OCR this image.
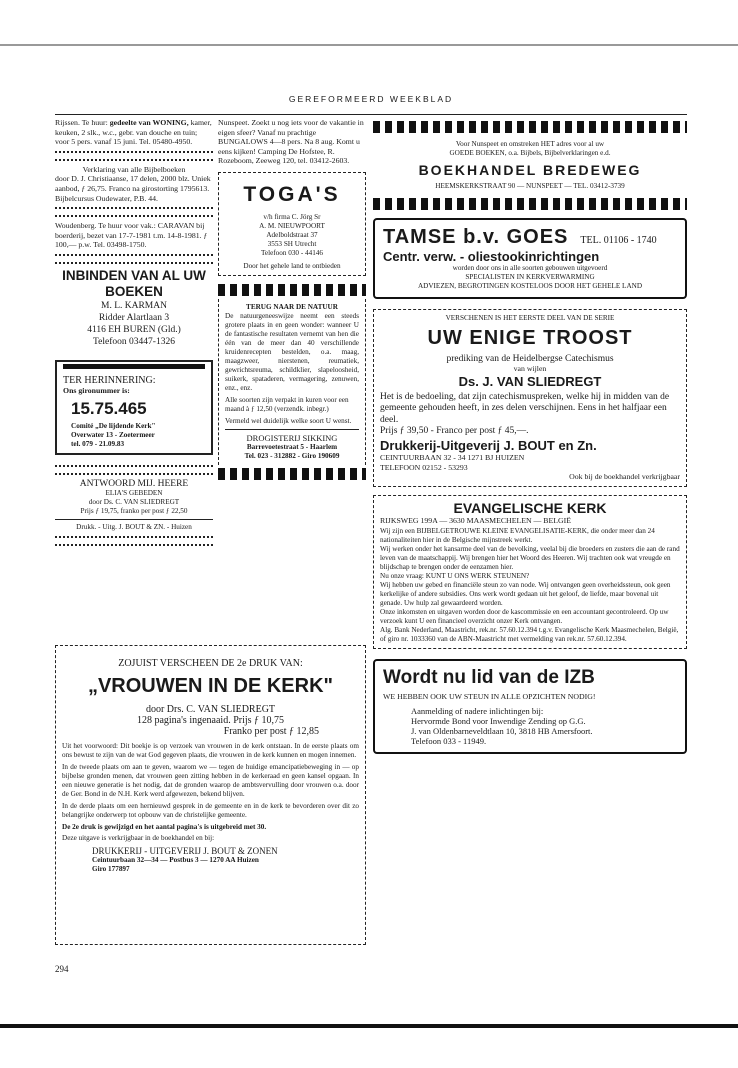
GEREFORMEERD WEEKBLAD

Rijssen. Te huur: gedeelte van WONING, kamer, keuken, 2 slk., w.c., gebr. van douche en tuin; voor 5 pers. vanaf 15 juni. Tel. 05480-4950.

Verklaring van alle Bijbelboeken

door D. J. Christiaanse, 17 delen, 2000 blz. Uniek aanbod, ƒ 26,75. Franco na girostorting 1795613. Bijbelcursus Oudewater, P.B. 44.

Woudenberg. Te huur voor vak.: CARAVAN bij boerderij, bezet van 17-7-1981 t.m. 14-8-1981. ƒ 100,— p.w. Tel. 03498-1750.

INBINDEN VAN AL UW BOEKEN
M. L. KARMAN
Ridder Alartlaan 3
4116 EH BUREN (Gld.)
Telefoon 03447-1326
TER HERINNERING:
Ons gironummer is:
15.75.465
Comité „De lijdende Kerk"
Overwater 13 - Zoetermeer
tel. 079 - 21.09.83
ANTWOORD MIJ. HEERE
ELIA'S GEBEDEN
door Ds. C. VAN SLIEDREGT
Prijs ƒ 19,75, franko per post ƒ 22,50
Drukk. - Uitg. J. BOUT & ZN. - Huizen

Nunspeet. Zoekt u nog iets voor de vakantie in eigen sfeer? Vanaf nu prachtige BUNGALOWS 4—8 pers. Na 8 aug. Komt u eens kijken! Camping De Hofstee, R. Rozeboom, Zeeweg 120, tel. 03412-2603.

TOGA'S
v/h firma C. Jörg Sr
A. M. NIEUWPOORT
Adelboldstraat 37
3553 SH Utrecht
Telefoon 030 - 44146
Door het gehele land te ontbieden
TERUG NAAR DE NATUUR

De natuurgeneeswijze neemt een steeds grotere plaats in en geen wonder: wanneer U de fantastische resultaten vernemt van hen die één van de meer dan 40 verschillende kruidenrecepten bestelden, o.a. maag, maagzweer, nierstenen, reumatiek, gewrichtsreuma, schildklier, slapeloosheid, suikerk, spataderen, vermagering, zenuwen, enz., enz.

Alle soorten zijn verpakt in kuren voor een maand à ƒ 12,50 (verzendk. inbegr.)

Vermeld wel duidelijk welke soort U wenst.

DROGISTERIJ SIKKING
Barrevoetestraat 5 - Haarlem
Tel. 023 - 312882 - Giro 190609
ZOJUIST VERSCHEEN DE 2e DRUK VAN:
„VROUWEN IN DE KERK"
door Drs. C. VAN SLIEDREGT
128 pagina's ingenaaid. Prijs ƒ 10,75
Franko per post ƒ 12,85

Uit het voorwoord: Dit boekje is op verzoek van vrouwen in de kerk ontstaan. In de eerste plaats om ons bewust te zijn van de wat God gegeven plaats, die vrouwen in de kerk kunnen en mogen innemen.

In de tweede plaats om aan te geven, waarom we — tegen de huidige emancipatiebeweging in — op bijbelse gronden menen, dat vrouwen geen zitting hebben in de kerkeraad en geen kansel opgaan. In een nieuwe generatie is het nodig, dat de gronden waarop de ambtsvervulling door vrouwen o.a. door de Ger. Bond in de N.H. Kerk werd afgewezen, bekend blijven.

In de derde plaats om een hernieuwd gesprek in de gemeente en in de kerk te bevorderen over dit zo belangrijke onderwerp tot opbouw van de christelijke gemeente.

De 2e druk is gewijzigd en het aantal pagina's is uitgebreid met 30.

Deze uitgave is verkrijgbaar in de boekhandel en bij:

DRUKKERIJ - UITGEVERIJ J. BOUT & ZONEN
Ceintuurbaan 32—34 — Postbus 3 — 1270 AA Huizen
Giro 177897
Voor Nunspeet en omstreken HET adres voor al uw
GOEDE BOEKEN, o.a. Bijbels, Bijbelverklaringen e.d.
BOEKHANDEL BREDEWEG
HEEMSKERKSTRAAT 90 — NUNSPEET — TEL. 03412-3739
TAMSE b.v. GOES TEL. 01106 - 1740
Centr. verw. - oliestookinrichtingen
worden door ons in alle soorten gebouwen uitgevoerd
SPECIALISTEN IN KERKVERWARMING
ADVIEZEN, BEGROTINGEN KOSTELOOS DOOR HET GEHELE LAND
VERSCHENEN IS HET EERSTE DEEL VAN DE SERIE
UW ENIGE TROOST
prediking van de Heidelbergse Catechismus
van wijlen
Ds. J. VAN SLIEDREGT

Het is de bedoeling, dat zijn catechismuspreken, welke hij in midden van de gemeente gehouden heeft, in zes delen verschijnen. Eens in het halfjaar een deel.

Prijs ƒ 39,50 - Franco per post ƒ 45,—.

Drukkerij-Uitgeverij J. BOUT en Zn.
CEINTUURBAAN 32 - 34 1271 BJ HUIZEN
TELEFOON 02152 - 53293
Ook bij de boekhandel verkrijgbaar
EVANGELISCHE KERK
RIJKSWEG 199A — 3630 MAASMECHELEN — BELGIË

Wij zijn een BIJBELGETROUWE KLEINE EVANGELISATIE-KERK, die onder meer dan 24 nationaliteiten hier in de Belgische mijnstreek werkt.

Wij werken onder het kansarme deel van de bevolking, veelal bij die broeders en zusters die aan de rand leven van de maatschappij. Wij brengen hier het Woord des Heeren. Wij trachten ook wat vreugde en blijdschap te brengen onder de eenzamen hier.

Nu onze vraag: KUNT U ONS WERK STEUNEN?

Wij hebben uw gebed en financiële steun zo van node. Wij ontvangen geen overheidssteun, ook geen kerkelijke of andere subsidies. Ons werk wordt gedaan uit het geloof, de liefde, maar bovenal uit genade. Uw hulp zal gewaardeerd worden.

Onze inkomsten en uitgaven worden door de kascommissie en een accountant gecontroleerd. Op uw verzoek kunt U een financieel overzicht onzer Kerk ontvangen.

Alg. Bank Nederland, Maastricht, rek.nr. 57.60.12.394 t.g.v. Evangelische Kerk Maasmechelen, België, of giro nr. 1033360 van de ABN-Maastricht met vermelding van rek.nr. 57.60.12.394.

Wordt nu lid van de IZB
WE HEBBEN OOK UW STEUN IN ALLE OPZICHTEN NODIG!
Aanmelding of nadere inlichtingen bij:
Hervormde Bond voor Inwendige Zending op G.G.
J. van Oldenbarneveldtlaan 10, 3818 HB Amersfoort.
Telefoon 033 - 11949.
294
